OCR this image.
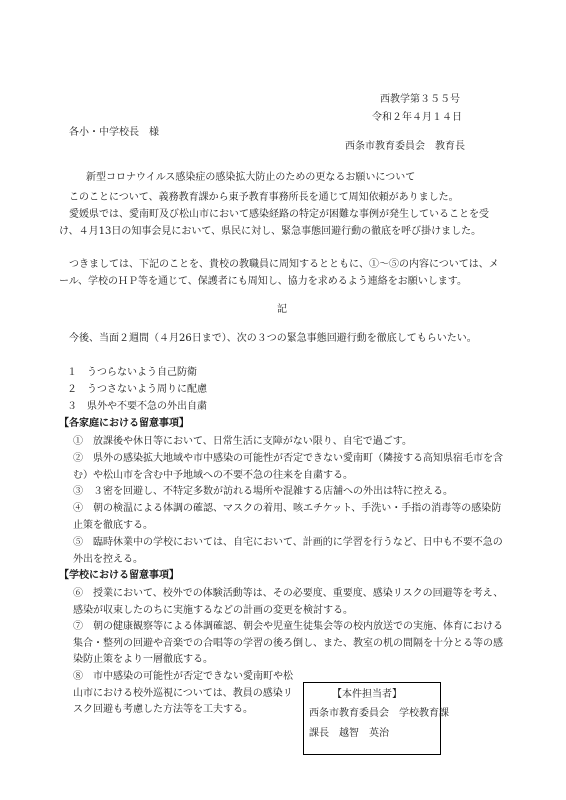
西教学第３５５号
令和２年４月１４日
各小・中学校長　様
西条市教育委員会　教育長
新型コロナウイルス感染症の感染拡大防止のための更なるお願いについて
このことについて、義務教育課から東予教育事務所長を通じて周知依頼がありました。
愛媛県では、愛南町及び松山市において感染経路の特定が困難な事例が発生していることを受け、４月13日の知事会見において、県民に対し、緊急事態回避行動の徹底を呼び掛けました。
つきましては、下記のことを、貴校の教職員に周知するとともに、①～⑤の内容については、メール、学校のＨＰ等を通じて、保護者にも周知し、協力を求めるよう連絡をお願いします。
記
今後、当面２週間（４月26日まで）、次の３つの緊急事態回避行動を徹底してもらいたい。
１　うつらないよう自己防衛
２　うつさないよう周りに配慮
３　県外や不要不急の外出自粛
【各家庭における留意事項】
①　放課後や休日等において、日常生活に支障がない限り、自宅で過ごす。
②　県外の感染拡大地域や市中感染の可能性が否定できない愛南町（隣接する高知県宿毛市を含む）や松山市を含む中予地域への不要不急の往来を自粛する。
③　３密を回避し、不特定多数が訪れる場所や混雑する店舗への外出は特に控える。
④　朝の検温による体調の確認、マスクの着用、咳エチケット、手洗い・手指の消毒等の感染防止策を徹底する。
⑤　臨時休業中の学校においては、自宅において、計画的に学習を行うなど、日中も不要不急の外出を控える。
【学校における留意事項】
⑥　授業において、校外での体験活動等は、その必要度、重要度、感染リスクの回避等を考え、感染が収束したのちに実施するなどの計画の変更を検討する。
⑦　朝の健康観察等による体調確認、朝会や児童生徒集会等の校内放送での実施、体育における集合・整列の回避や音楽での合唱等の学習の後ろ倒し、また、教室の机の間隔を十分とる等の感染防止策をより一層徹底する。
⑧　市中感染の可能性が否定できない愛南町や松山市における校外巡視については、教員の感染リスク回避も考慮した方法等を工夫する。
【本件担当者】
西条市教育委員会　学校教育課
課長　越智　英治
